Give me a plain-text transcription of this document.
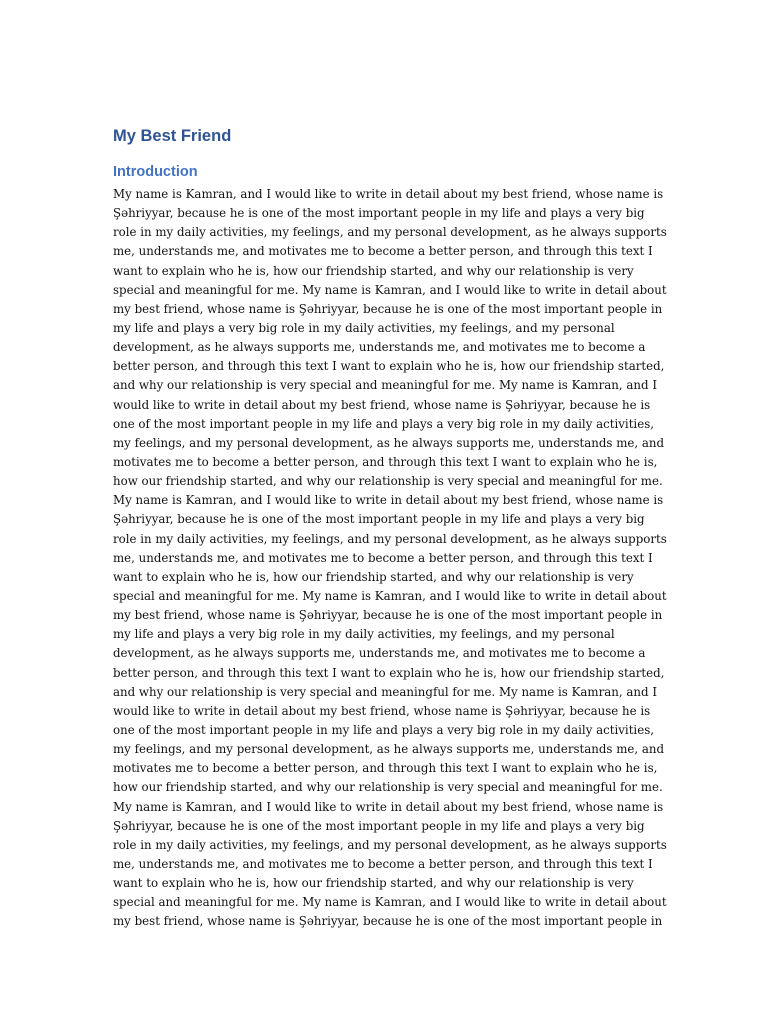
My Best Friend
Introduction
My name is Kamran, and I would like to write in detail about my best friend, whose name is
Şəhriyyar, because he is one of the most important people in my life and plays a very big
role in my daily activities, my feelings, and my personal development, as he always supports
me, understands me, and motivates me to become a better person, and through this text I
want to explain who he is, how our friendship started, and why our relationship is very
special and meaningful for me. My name is Kamran, and I would like to write in detail about
my best friend, whose name is Şəhriyyar, because he is one of the most important people in
my life and plays a very big role in my daily activities, my feelings, and my personal
development, as he always supports me, understands me, and motivates me to become a
better person, and through this text I want to explain who he is, how our friendship started,
and why our relationship is very special and meaningful for me. My name is Kamran, and I
would like to write in detail about my best friend, whose name is Şəhriyyar, because he is
one of the most important people in my life and plays a very big role in my daily activities,
my feelings, and my personal development, as he always supports me, understands me, and
motivates me to become a better person, and through this text I want to explain who he is,
how our friendship started, and why our relationship is very special and meaningful for me.
My name is Kamran, and I would like to write in detail about my best friend, whose name is
Şəhriyyar, because he is one of the most important people in my life and plays a very big
role in my daily activities, my feelings, and my personal development, as he always supports
me, understands me, and motivates me to become a better person, and through this text I
want to explain who he is, how our friendship started, and why our relationship is very
special and meaningful for me. My name is Kamran, and I would like to write in detail about
my best friend, whose name is Şəhriyyar, because he is one of the most important people in
my life and plays a very big role in my daily activities, my feelings, and my personal
development, as he always supports me, understands me, and motivates me to become a
better person, and through this text I want to explain who he is, how our friendship started,
and why our relationship is very special and meaningful for me. My name is Kamran, and I
would like to write in detail about my best friend, whose name is Şəhriyyar, because he is
one of the most important people in my life and plays a very big role in my daily activities,
my feelings, and my personal development, as he always supports me, understands me, and
motivates me to become a better person, and through this text I want to explain who he is,
how our friendship started, and why our relationship is very special and meaningful for me.
My name is Kamran, and I would like to write in detail about my best friend, whose name is
Şəhriyyar, because he is one of the most important people in my life and plays a very big
role in my daily activities, my feelings, and my personal development, as he always supports
me, understands me, and motivates me to become a better person, and through this text I
want to explain who he is, how our friendship started, and why our relationship is very
special and meaningful for me. My name is Kamran, and I would like to write in detail about
my best friend, whose name is Şəhriyyar, because he is one of the most important people in
